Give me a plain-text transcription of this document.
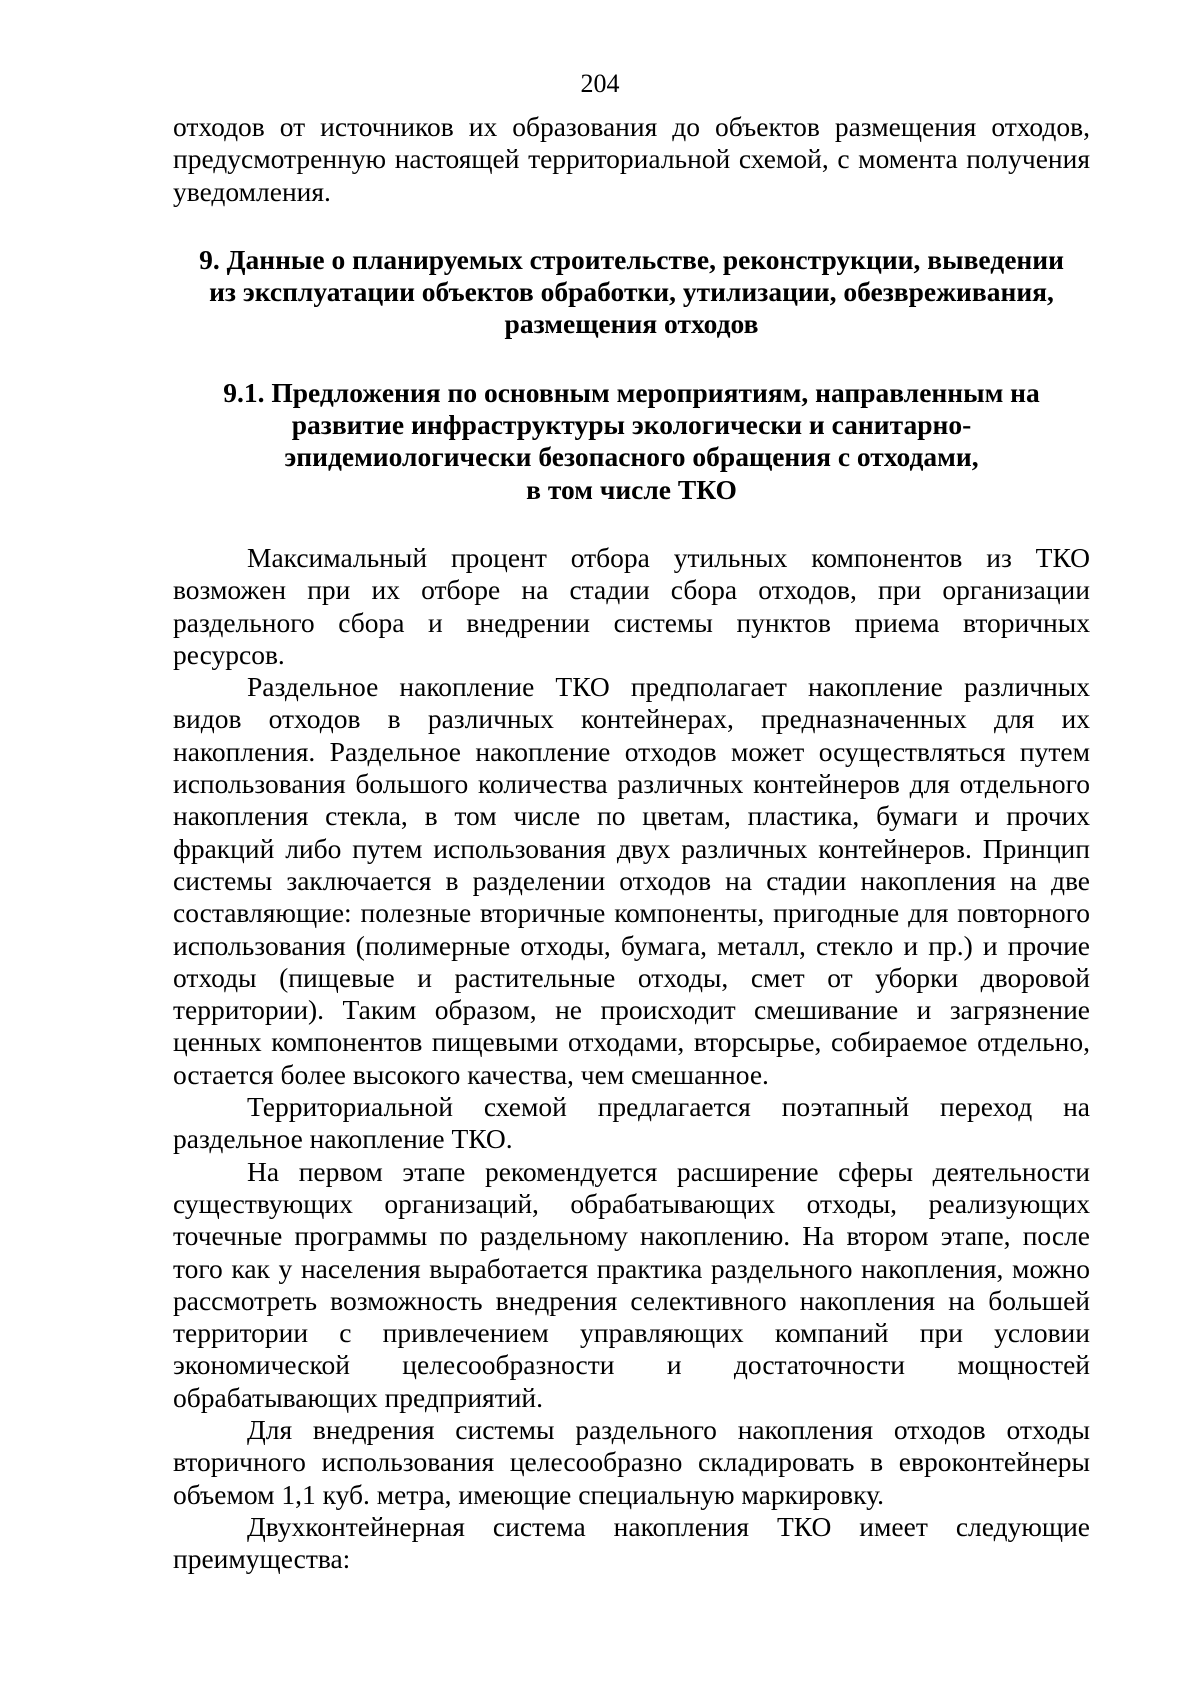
204

отходов от источников их образования до объектов размещения отходов, предусмотренную настоящей территориальной схемой, с момента получения уведомления.

9. Данные о планируемых строительстве, реконструкции, выведении
из эксплуатации объектов обработки, утилизации, обезвреживания,
размещения отходов
9.1. Предложения по основным мероприятиям, направленным на
развитие инфраструктуры экологически и санитарно-
эпидемиологически безопасного обращения с отходами,
в том числе ТКО

Максимальный процент отбора утильных компонентов из ТКО возможен при их отборе на стадии сбора отходов, при организации раздельного сбора и внедрении системы пунктов приема вторичных ресурсов.

Раздельное накопление ТКО предполагает накопление различных видов отходов в различных контейнерах, предназначенных для их накопления. Раздельное накопление отходов может осуществляться путем использования большого количества различных контейнеров для отдельного накопления стекла, в том числе по цветам, пластика, бумаги и прочих фракций либо путем использования двух различных контейнеров. Принцип системы заключается в разделении отходов на стадии накопления на две составляющие: полезные вторичные компоненты, пригодные для повторного использования (полимерные отходы, бумага, металл, стекло и пр.) и прочие отходы (пищевые и растительные отходы, смет от уборки дворовой территории). Таким образом, не происходит смешивание и загрязнение ценных компонентов пищевыми отходами, вторсырье, собираемое отдельно, остается более высокого качества, чем смешанное.

Территориальной схемой предлагается поэтапный переход на раздельное накопление ТКО.

На первом этапе рекомендуется расширение сферы деятельности существующих организаций, обрабатывающих отходы, реализующих точечные программы по раздельному накоплению. На втором этапе, после того как у населения выработается практика раздельного накопления, можно рассмотреть возможность внедрения селективного накопления на большей территории с привлечением управляющих компаний при условии экономической целесообразности и достаточности мощностей обрабатывающих предприятий.

Для внедрения системы раздельного накопления отходов отходы вторичного использования целесообразно складировать в евроконтейнеры объемом 1,1 куб. метра, имеющие специальную маркировку.

Двухконтейнерная система накопления ТКО имеет следующие преимущества:
